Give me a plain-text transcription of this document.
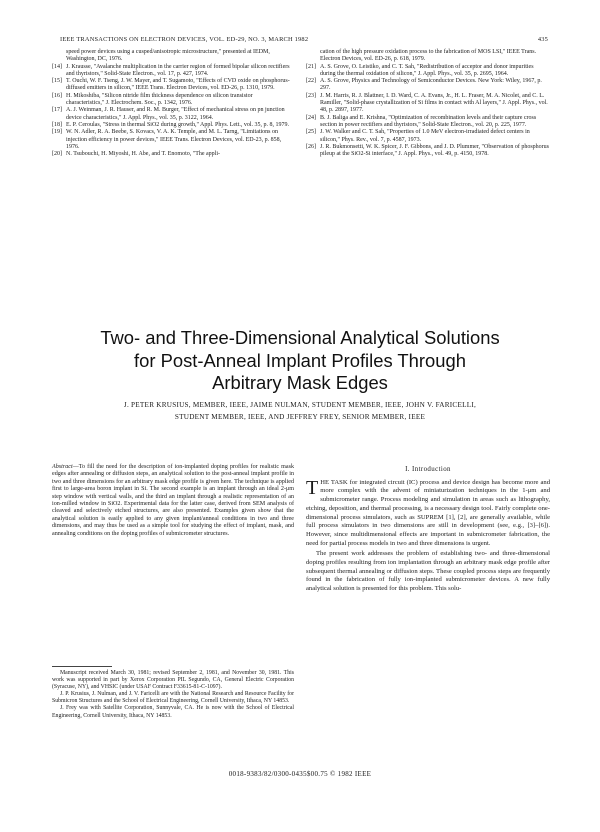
IEEE TRANSACTIONS ON ELECTRON DEVICES, VOL. ED-29, NO. 3, MARCH 1982	435
speed power devices using a cusped/anisotropic microstructure," presented at IEDM, Washington, DC, 1976.
[14] J. Krausse, "Avalanche multiplication in the carrier region of formed bipolar silicon rectifiers and thyristors," Solid-State Electron., vol. 17, p. 427, 1974.
[15] T. Ouchi, W. F. Tseng, J. W. Mayer, and T. Sugamoto, "Effects of CVD oxide on phosphorus-diffused emitters in silicon," IEEE Trans. Electron Devices, vol. ED-26, p. 1310, 1979.
[16] H. Mikoshiba, "Silicon nitride film thickness dependence on silicon transistor characteristics," J. Electrochem. Soc., p. 1342, 1976.
[17] A. J. Weinman, J. R. Hauser, and R. M. Burger, "Effect of mechanical stress on pn junction device characteristics," J. Appl. Phys., vol. 35, p. 3122, 1964.
[18] E. P. Ceroulas, "Stress in thermal SiO2 during growth," Appl. Phys. Lett., vol. 35, p. 8, 1979.
[19] W. N. Adler, R. A. Beebe, S. Kovacs, V. A. K. Temple, and M. L. Tarng, "Limitations on injection efficiency in power devices," IEEE Trans. Electron Devices, vol. ED-23, p. 858, 1976.
[20] N. Tsubouchi, H. Miyoshi, H. Abe, and T. Enomoto, "The appli-
cation of the high pressure oxidation process to the fabrication of MOS LSI," IEEE Trans. Electron Devices, vol. ED-26, p. 618, 1979.
[21] A. S. Grove, O. Leistiko, and C. T. Sah, "Redistribution of acceptor and donor impurities during the thermal oxidation of silicon," J. Appl. Phys., vol. 35, p. 2695, 1964.
[22] A. S. Grove, Physics and Technology of Semiconductor Devices. New York: Wiley, 1967, p. 297.
[23] J. M. Harris, R. J. Blattner, I. D. Ward, C. A. Evans, Jr., H. L. Fraser, M. A. Nicolet, and C. L. Ramiller, "Solid-phase crystallization of Si films in contact with Al layers," J. Appl. Phys., vol. 48, p. 2897, 1977.
[24] B. J. Baliga and E. Krishna, "Optimization of recombination levels and their capture cross section in power rectifiers and thyristors," Solid-State Electron., vol. 20, p. 225, 1977.
[25] J. W. Walker and C. T. Sah, "Properties of 1.0 MeV electron-irradiated defect centers in silicon," Phys. Rev., vol. 7, p. 4587, 1973.
[26] J. R. Bukmonsetti, W. K. Spicer, J. F. Gibbons, and J. D. Plummer, "Observation of phosphorus pileup at the SiO2-Si interface," J. Appl. Phys., vol. 49, p. 4150, 1978.
Two- and Three-Dimensional Analytical Solutions
for Post-Anneal Implant Profiles Through
Arbitrary Mask Edges
J. PETER KRUSIUS, MEMBER, IEEE, JAIME NULMAN, STUDENT MEMBER, IEEE, JOHN V. FARICELLI,
STUDENT MEMBER, IEEE, AND JEFFREY FREY, SENIOR MEMBER, IEEE
Abstract—To fill the need for the description of ion-implanted doping profiles for realistic mask edges after annealing or diffusion steps, an analytical solution to the post-anneal implant profile in two and three dimensions for an arbitrary mask edge profile is given here. The technique is applied first to large-area boron implant in Si. The second example is an implant through an ideal 2-μm step window with vertical walls, and the third an implant through a realistic representation of an ion-milled window in SiO2. Experimental data for the latter case, derived from SEM analysis of cleaved and selectively etched structures, are also presented. Examples given show that the analytical solution is easily applied to any given implant/anneal conditions in two and three dimensions, and may thus be used as a simple tool for studying the effect of implant, mask, and annealing conditions on the doping profiles of submicrometer structures.

Manuscript received March 30, 1981; revised September 2, 1981, and November 30, 1981. This work was supported in part by Xerox Corporation PIL Segundo, CA, General Electric Corporation (Syracuse, NY), and VHSIC (under USAF Contract F33615-81-C-1097).

J. P. Krusius, J. Nulman, and J. V. Faricelli are with the National Research and Resource Facility for Submicron Structures and the School of Electrical Engineering, Cornell University, Ithaca, NY 14853.

J. Frey was with Satellite Corporation, Sunnyvale, CA. He is now with the School of Electrical Engineering, Cornell University, Ithaca, NY 14853.

I. Introduction

THE TASK for integrated circuit (IC) process and device design has become more and more complex with the advent of miniaturization techniques in the 1-μm and submicrometer range. Process modeling and simulation in areas such as lithography, etching, deposition, and thermal processing, is a necessary design tool. Fairly complete one-dimensional process simulators, such as SUPREM [1], [2], are generally available, while full process simulators in two dimensions are still in development (see, e.g., [3]–[6]). However, since multidimensional effects are important in submicrometer fabrication, the need for partial process models in two and three dimensions is urgent.

The present work addresses the problem of establishing two- and three-dimensional doping profiles resulting from ion implantation through an arbitrary mask edge profile after subsequent thermal annealing or diffusion steps. These coupled process steps are frequently found in the fabrication of fully ion-implanted submicrometer devices. A new fully analytical solution is presented for this problem. This solu-

0018-9383/82/0300-0435$00.75 © 1982 IEEE
